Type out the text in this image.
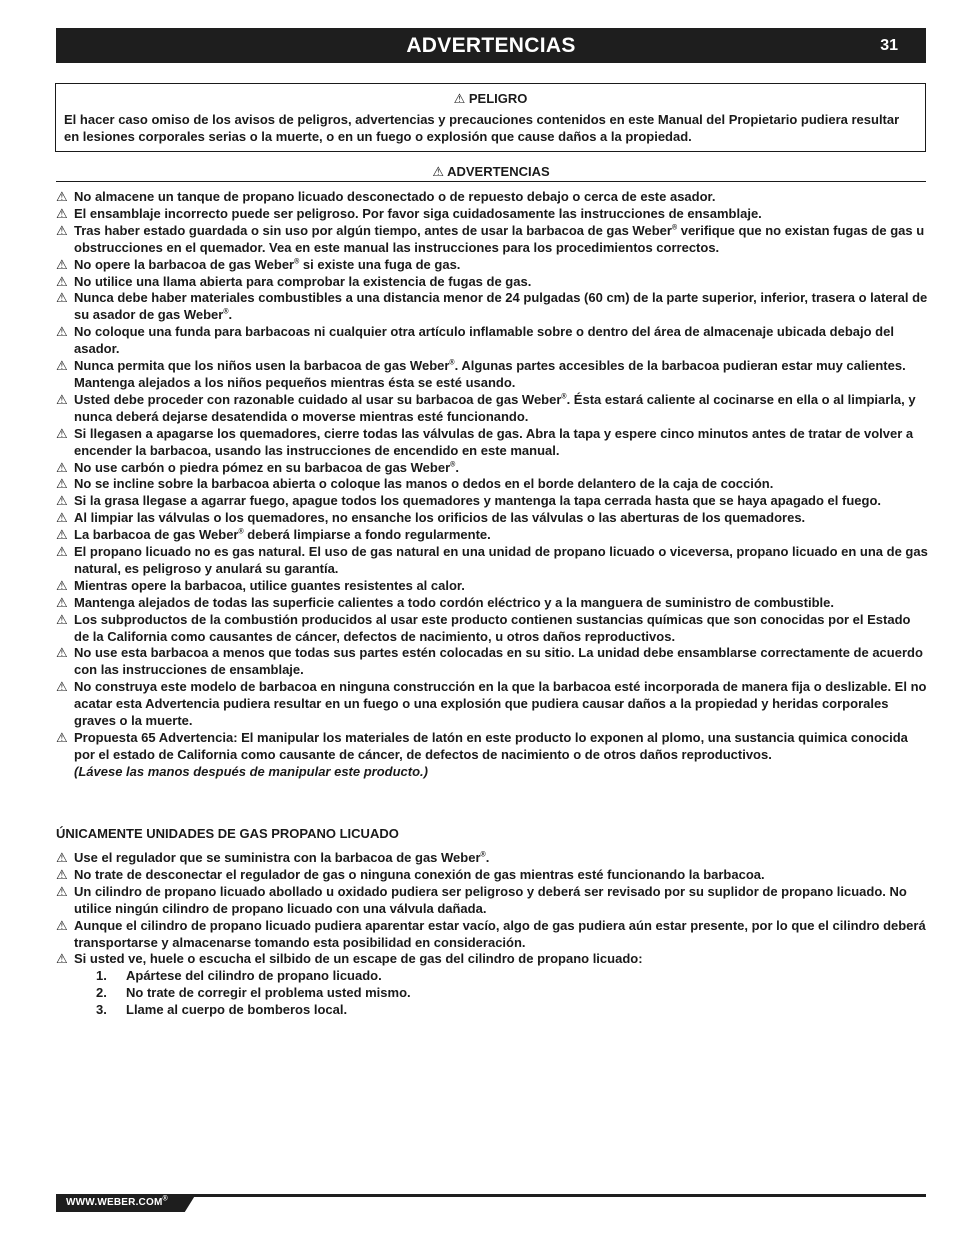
ADVERTENCIAS	31
⚠ PELIGRO
El hacer caso omiso de los avisos de peligros, advertencias y precauciones contenidos en este Manual del Propietario pudiera resultar en lesiones corporales serias o la muerte, o en un fuego o explosión que cause daños a la propiedad.
⚠ ADVERTENCIAS
⚠ No almacene un tanque de propano licuado desconectado o de repuesto debajo o cerca de este asador.
⚠ El ensamblaje incorrecto puede ser peligroso. Por favor siga cuidadosamente las instrucciones de ensamblaje.
⚠ Tras haber estado guardada o sin uso por algún tiempo, antes de usar la barbacoa de gas Weber® verifique que no existan fugas de gas u obstrucciones en el quemador. Vea en este manual las instrucciones para los procedimientos correctos.
⚠ No opere la barbacoa de gas Weber® si existe una fuga de gas.
⚠ No utilice una llama abierta para comprobar la existencia de fugas de gas.
⚠ Nunca debe haber materiales combustibles a una distancia menor de 24 pulgadas (60 cm) de la parte superior, inferior, trasera o lateral de su asador de gas Weber®.
⚠ No coloque una funda para barbacoas ni cualquier otra artículo inflamable sobre o dentro del área de almacenaje ubicada debajo del asador.
⚠ Nunca permita que los niños usen la barbacoa de gas Weber®. Algunas partes accesibles de la barbacoa pudieran estar muy calientes. Mantenga alejados a los niños pequeños mientras ésta se esté usando.
⚠ Usted debe proceder con razonable cuidado al usar su barbacoa de gas Weber®. Ésta estará caliente al cocinarse en ella o al limpiarla, y nunca deberá dejarse desatendida o moverse mientras esté funcionando.
⚠ Si llegasen a apagarse los quemadores, cierre todas las válvulas de gas. Abra la tapa y espere cinco minutos antes de tratar de volver a encender la barbacoa, usando las instrucciones de encendido en este manual.
⚠ No use carbón o piedra pómez en su barbacoa de gas Weber®.
⚠ No se incline sobre la barbacoa abierta o coloque las manos o dedos en el borde delantero de la caja de cocción.
⚠ Si la grasa llegase a agarrar fuego, apague todos los quemadores y mantenga la tapa cerrada hasta que se haya apagado el fuego.
⚠ Al limpiar las válvulas o los quemadores, no ensanche los orificios de las válvulas o las aberturas de los quemadores.
⚠ La barbacoa de gas Weber® deberá limpiarse a fondo regularmente.
⚠ El propano licuado no es gas natural. El uso de gas natural en una unidad de propano licuado o viceversa, propano licuado en una de gas natural, es peligroso y anulará su garantía.
⚠ Mientras opere la barbacoa, utilice guantes resistentes al calor.
⚠ Mantenga alejados de todas las superficie calientes a todo cordón eléctrico y a la manguera de suministro de combustible.
⚠ Los subproductos de la combustión producidos al usar este producto contienen sustancias químicas que son conocidas por el Estado de la California como causantes de cáncer, defectos de nacimiento, u otros daños reproductivos.
⚠ No use esta barbacoa a menos que todas sus partes estén colocadas en su sitio. La unidad debe ensamblarse correctamente de acuerdo con las instrucciones de ensamblaje.
⚠ No construya este modelo de barbacoa en ninguna construcción en la que la barbacoa esté incorporada de manera fija o deslizable. El no acatar esta Advertencia pudiera resultar en un fuego o una explosión que pudiera causar daños a la propiedad y heridas corporales graves o la muerte.
⚠ Propuesta 65 Advertencia: El manipular los materiales de latón en este producto lo exponen al plomo, una sustancia quimica conocida por el estado de California como causante de cáncer, de defectos de nacimiento o de otros daños reproductivos.
(Lávese las manos después de manipular este producto.)
ÚNICAMENTE UNIDADES DE GAS PROPANO LICUADO
⚠ Use el regulador que se suministra con la barbacoa de gas Weber®.
⚠ No trate de desconectar el regulador de gas o ninguna conexión de gas mientras esté funcionando la barbacoa.
⚠ Un cilindro de propano licuado abollado u oxidado pudiera ser peligroso y deberá ser revisado por su suplidor de propano licuado. No utilice ningún cilindro de propano licuado con una válvula dañada.
⚠ Aunque el cilindro de propano licuado pudiera aparentar estar vacío, algo de gas pudiera aún estar presente, por lo que el cilindro deberá transportarse y almacenarse tomando esta posibilidad en consideración.
⚠ Si usted ve, huele o escucha el silbido de un escape de gas del cilindro de propano licuado:
1. Apártese del cilindro de propano licuado.
2. No trate de corregir el problema usted mismo.
3. Llame al cuerpo de bomberos local.
WWW.WEBER.COM®
